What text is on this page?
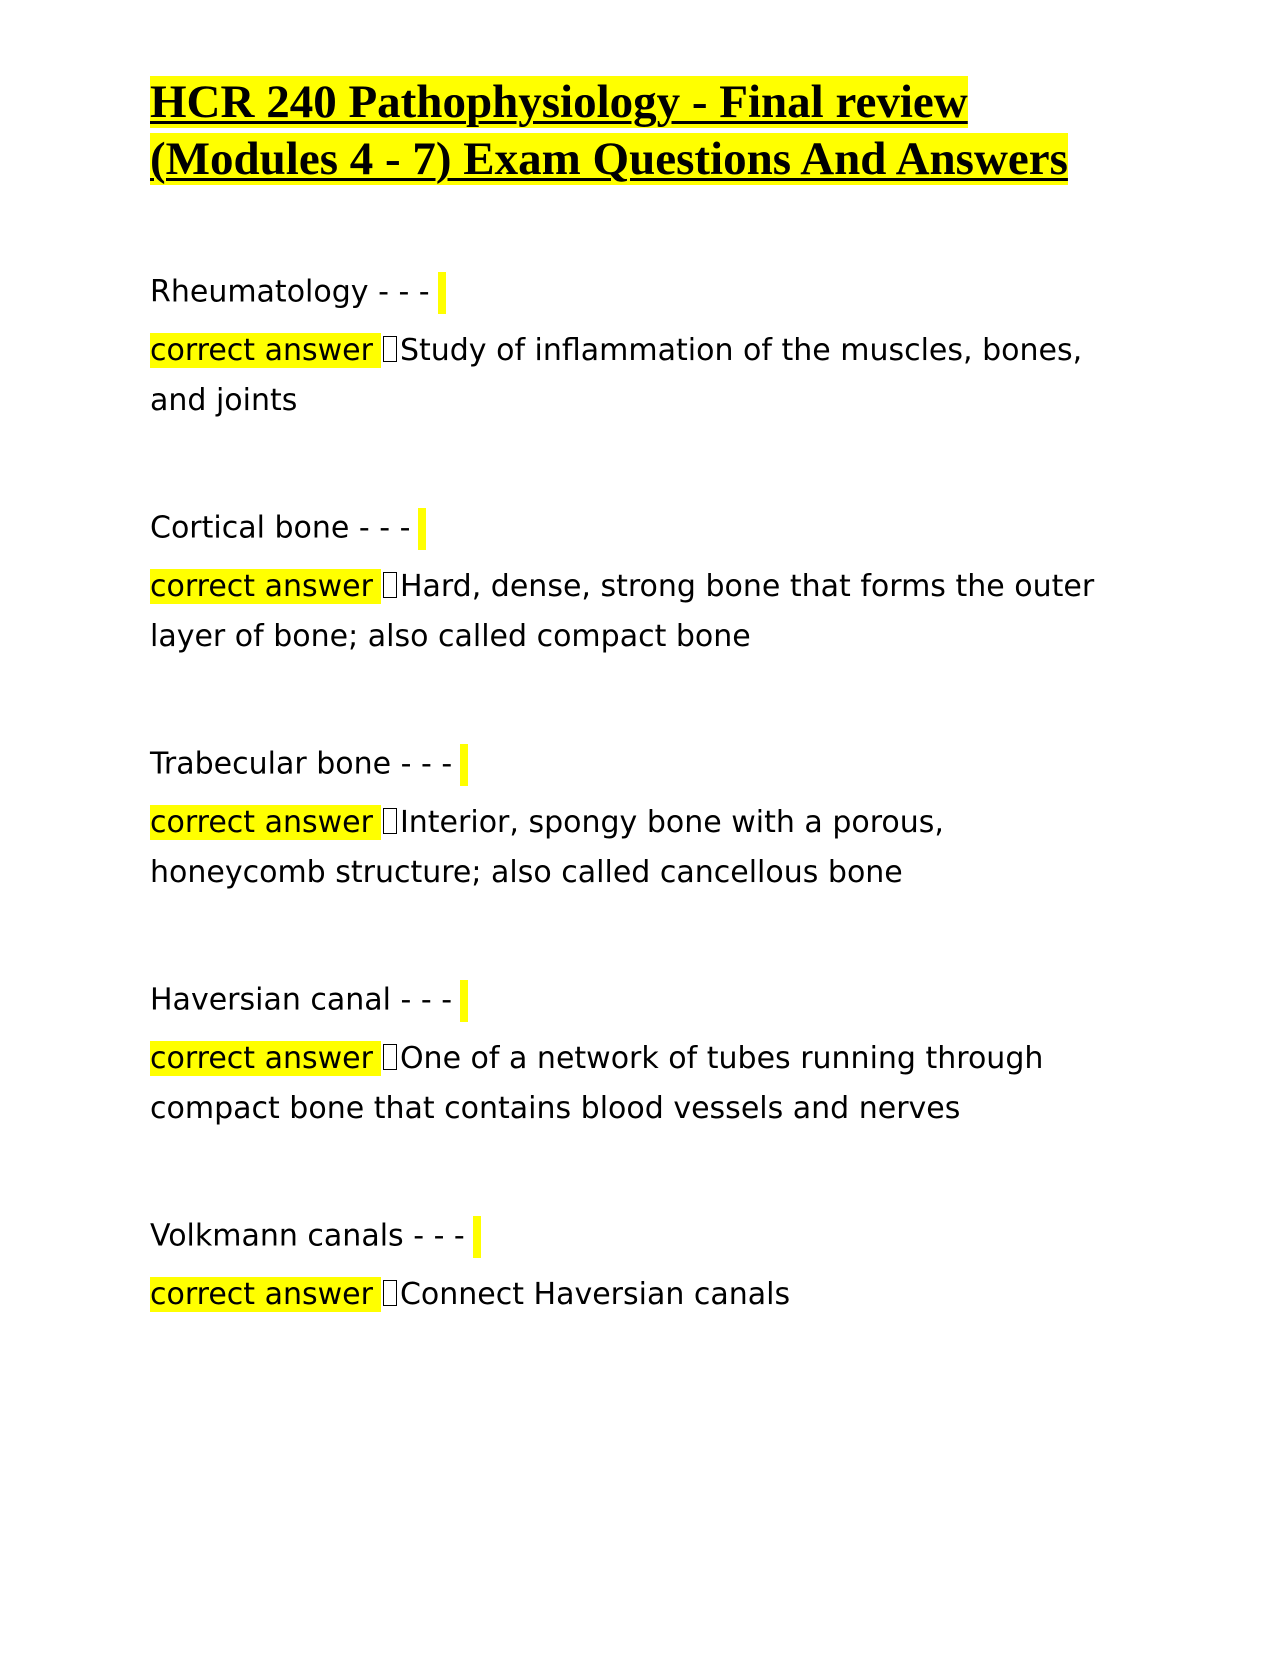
HCR 240 Pathophysiology - Final review (Modules 4 - 7) Exam Questions And Answers
Rheumatology - - -
correct answer Study of inflammation of the muscles, bones, and joints
Cortical bone - - -
correct answer Hard, dense, strong bone that forms the outer layer of bone; also called compact bone
Trabecular bone - - -
correct answer Interior, spongy bone with a porous, honeycomb structure; also called cancellous bone
Haversian canal - - -
correct answer One of a network of tubes running through compact bone that contains blood vessels and nerves
Volkmann canals - - -
correct answer Connect Haversian canals
